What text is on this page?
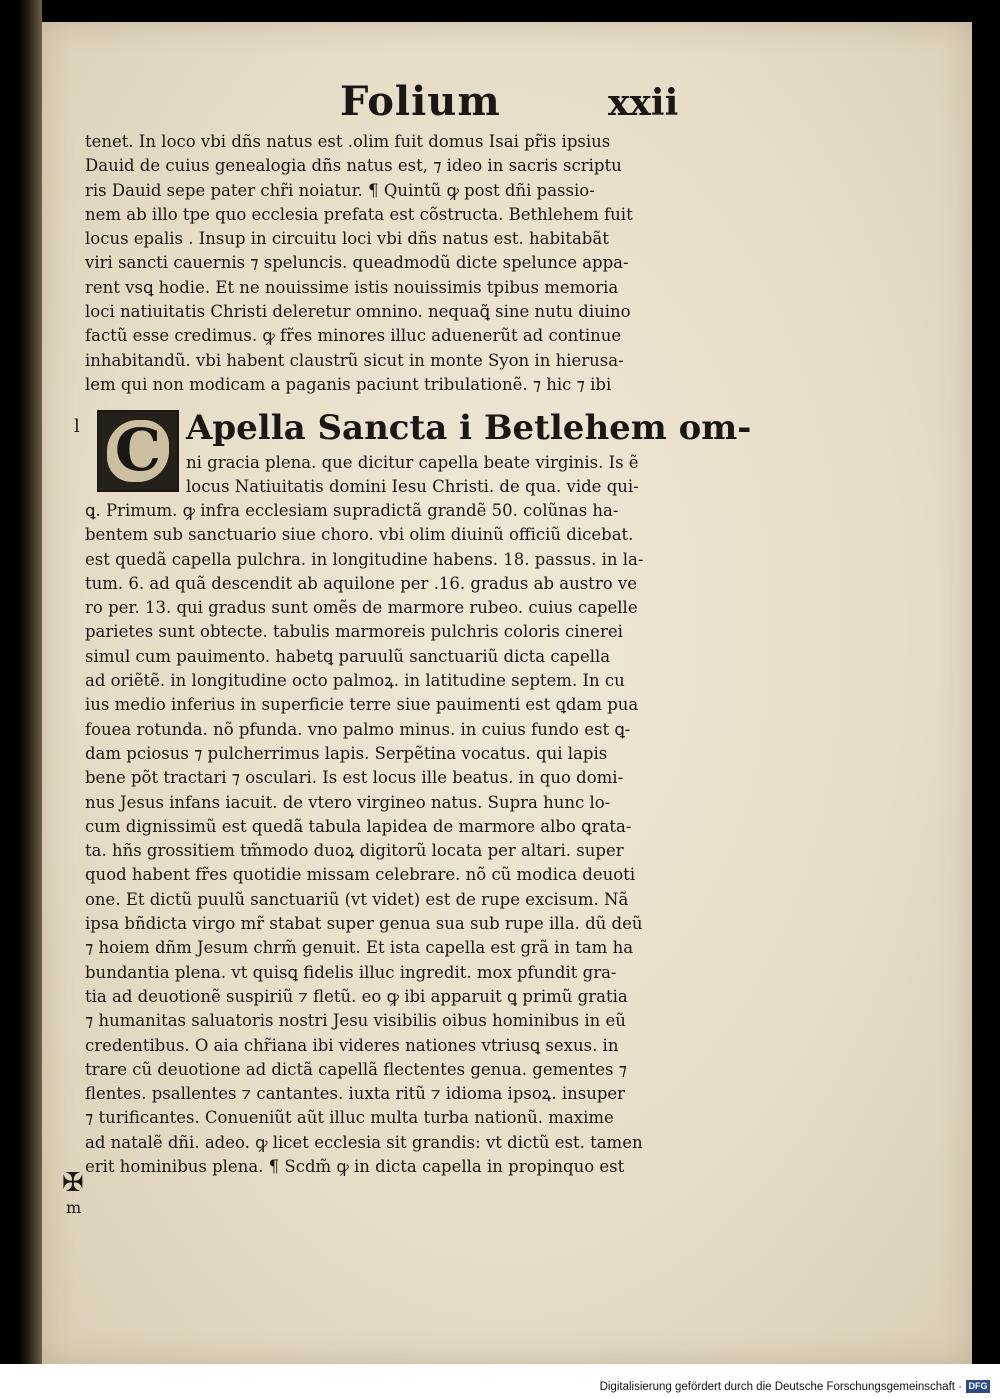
Folium	xxii
tenet. In loco vbi dñs natus est .olim fuit domus Isai pr̃is ipsius
Dauid de cuius genealogia dñs natus est, ⁊ ideo in sacris scriptu
ris Dauid sepe pater chr̃i noiatur. ¶ Quintũ ꝙ post dñi passio-
nem ab illo tpe quo ecclesia prefata est cõstructa. Bethlehem fuit
locus epalis . Insup in circuitu loci vbi dñs natus est. habitabãt
viri sancti cauernis ⁊ speluncis. queadmodũ dicte spelunce appa-
rent vsꝗ hodie. Et ne nouissime istis nouissimis tpibus memoria
loci natiuitatis Christi deleretur omnino. nequaꝗ̃ sine nutu diuino
factũ esse credimus. ꝙ fr̃es minores illuc aduenerũt ad continue
inhabitandũ. vbi habent claustrũ sicut in monte Syon in hierusa-
lem qui non modicam a paganis paciunt tribulationẽ. ⁊ hic ⁊ ibi
l C Apella Sancta i Betlehem om-
ni gracia plena. que dicitur capella beate virginis. Is ẽ
locus Natiuitatis domini Iesu Christi. de qua. vide qui-
ꝗ. Primum. ꝙ infra ecclesiam supradictã grandẽ 50. colũnas ha-
bentem sub sanctuario siue choro. vbi olim diuinũ officiũ dicebat.
est quedã capella pulchra. in longitudine habens. 18. passus. in la-
tum. 6. ad quã descendit ab aquilone per .16. gradus ab austro ve
ro per. 13. qui gradus sunt omẽs de marmore rubeo. cuius capelle
parietes sunt obtecte. tabulis marmoreis pulchris coloris cinerei
simul cum pauimento. habetꝗ paruulũ sanctuariũ dicta capella
ad oriẽtẽ. in longitudine octo palmoꝝ. in latitudine septem. In cu
ius medio inferius in superficie terre siue pauimenti est ꝗdam pua
fouea rotunda. nõ pfunda. vno palmo minus. in cuius fundo est ꝗ-
dam pciosus ⁊ pulcherrimus lapis. Serpẽtina vocatus. qui lapis
bene põt tractari ⁊ osculari. Is est locus ille beatus. in quo domi-
nus Jesus infans iacuit. de vtero virgineo natus. Supra hunc lo-
cum dignissimũ est quedã tabula lapidea de marmore albo ꝗrata-
ta. hñs grossitiem tm̃modo duoꝝ digitorũ locata per altari. super
quod habent fr̃es quotidie missam celebrare. nõ cũ modica deuoti
one. Et dictũ puulũ sanctuariũ (vt videt) est de rupe excisum. Nã
ipsa bñdicta virgo mr̃ stabat super genua sua sub rupe illa. dũ deũ
⁊ hoiem dñm Jesum chrm̃ genuit. Et ista capella est grã in tam ha
bundantia plena. vt quisꝗ fidelis illuc ingredit. mox pfundit gra-
tia ad deuotionẽ suspiriũ ⁊ fletũ. eo ꝙ ibi apparuit ꝗ primũ gratia
⁊ humanitas saluatoris nostri Jesu visibilis oibus hominibus in eũ
credentibus. O aia chr̃iana ibi videres nationes vtriusꝗ sexus. in
trare cũ deuotione ad dictã capellã flectentes genua. gementes ⁊
flentes. psallentes ⁊ cantantes. iuxta ritũ ⁊ idioma ipsoꝝ. insuper
⁊ turificantes. Conueniũt aũt illuc multa turba nationũ. maxime
ad natalẽ dñi. adeo. ꝙ licet ecclesia sit grandis: vt dictũ est. tamen
erit hominibus plena. ¶ Scdm̃ ꝙ in dicta capella in propinquo est
✠
m
Digitalisierung gefördert durch die Deutsche Forschungsgemeinschaft · DFG
